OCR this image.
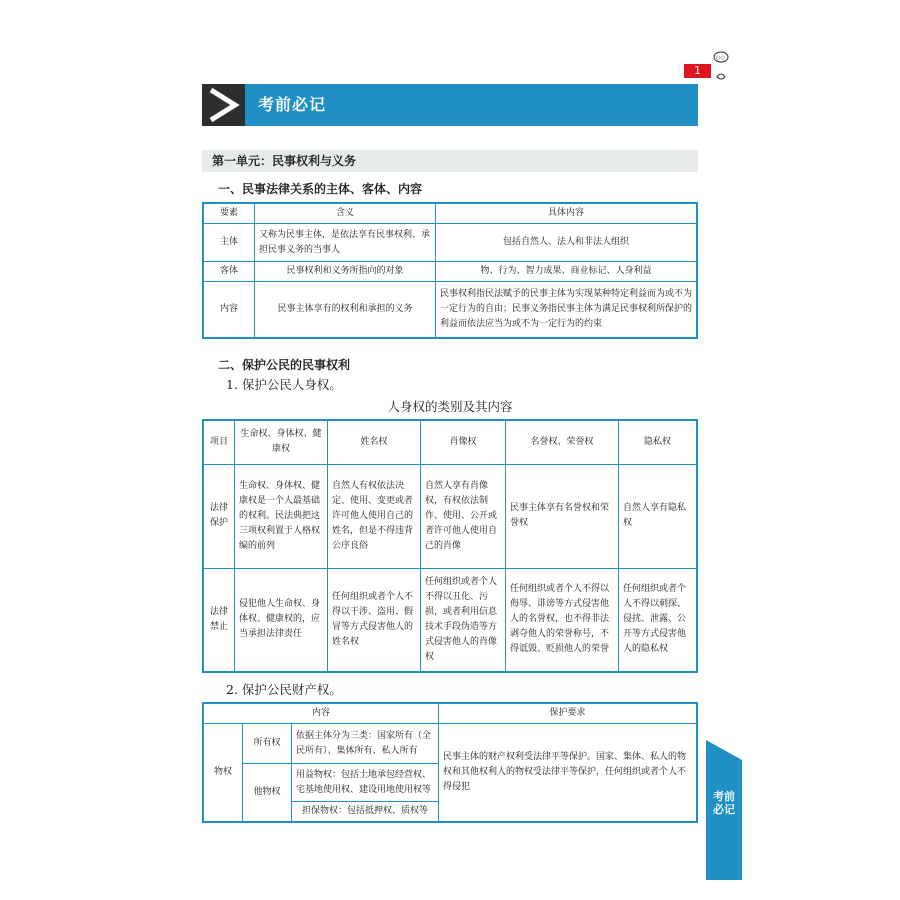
1
○○
考前必记
第一单元：民事权利与义务
一、民事法律关系的主体、客体、内容
要素	含义	具体内容
主体	又称为民事主体，是依法享有民事权利、承担民事义务的当事人	包括自然人、法人和非法人组织
客体	民事权利和义务所指向的对象	物、行为、智力成果、商业标记、人身利益
内容	民事主体享有的权利和承担的义务	民事权利指民法赋予的民事主体为实现某种特定利益而为或不为一定行为的自由；民事义务指民事主体为满足民事权利所保护的利益而依法应当为或不为一定行为的约束
二、保护公民的民事权利
1. 保护公民人身权。
人身权的类别及其内容
项目	生命权、身体权、健康权	姓名权	肖像权	名誉权、荣誉权	隐私权
法律保护	生命权、身体权、健康权是一个人最基础的权利。民法典把这三项权利置于人格权编的前列	自然人有权依法决定、使用、变更或者许可他人使用自己的姓名，但是不得违背公序良俗	自然人享有肖像权，有权依法制作、使用、公开或者许可他人使用自己的肖像	民事主体享有名誉权和荣誉权	自然人享有隐私权
法律禁止	侵犯他人生命权、身体权、健康权的，应当承担法律责任	任何组织或者个人不得以干涉、盗用、假冒等方式侵害他人的姓名权	任何组织或者个人不得以丑化、污损，或者利用信息技术手段伪造等方式侵害他人的肖像权	任何组织或者个人不得以侮辱、诽谤等方式侵害他人的名誉权，也不得非法剥夺他人的荣誉称号，不得诋毁、贬损他人的荣誉	任何组织或者个人不得以刺探、侵扰、泄露、公开等方式侵害他人的隐私权
2. 保护公民财产权。
内容			保护要求
物权	所有权	依据主体分为三类：国家所有（全民所有）、集体所有、私人所有	民事主体的财产权利受法律平等保护。国家、集体、私人的物权和其他权利人的物权受法律平等保护，任何组织或者个人不得侵犯
	他物权	用益物权：包括土地承包经营权、宅基地使用权、建设用地使用权等	
		担保物权：包括抵押权、质权等	
考前必记
